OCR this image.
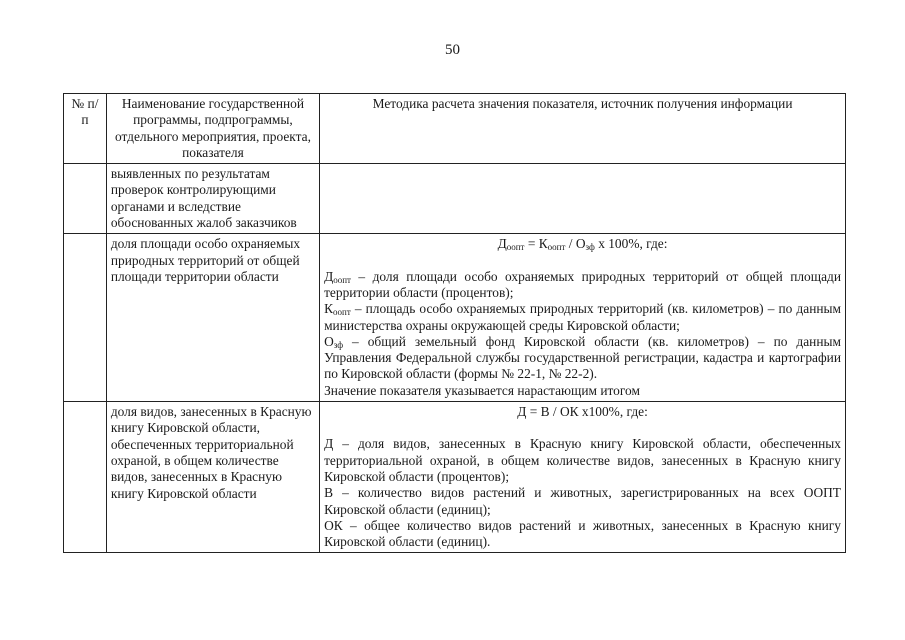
50
№ п/п	Наименование государственной программы, подпрограммы, отдельного мероприятия, проекта, показателя	Методика расчета значения показателя, источник получения информации
	выявленных по результатам проверок контролирующими органами и вследствие обоснованных жалоб заказчиков	
	доля площади особо охраняемых природных территорий от общей площади территории области	$Д_{оопт} = К_{оопт} / О_{зф}$ х 100%, где:

$Д_{оопт}$ – доля площади особо охраняемых природных территорий от общей площади территории области (процентов);

$К_{оопт}$ – площадь особо охраняемых природных территорий (кв. километров) – по данным министерства охраны окружающей среды Кировской области;

$О_{зф}$ – общий земельный фонд Кировской области (кв. километров) – по данным Управления Федеральной службы государственной регистрации, кадастра и картографии по Кировской области (формы № 22-1, № 22-2).

Значение показателя указывается нарастающим итогом

	доля видов, занесенных в Красную книгу Кировской области, обеспеченных территориальной охраной, в общем количестве видов, занесенных в Красную книгу Кировской области	Д = В / ОК х100%, где:

Д – доля видов, занесенных в Красную книгу Кировской области, обеспеченных территориальной охраной, в общем количестве видов, занесенных в Красную книгу Кировской области (процентов);

В – количество видов растений и животных, зарегистрированных на всех ООПТ Кировской области (единиц);

ОК – общее количество видов растений и животных, занесенных в Красную книгу Кировской области (единиц).
